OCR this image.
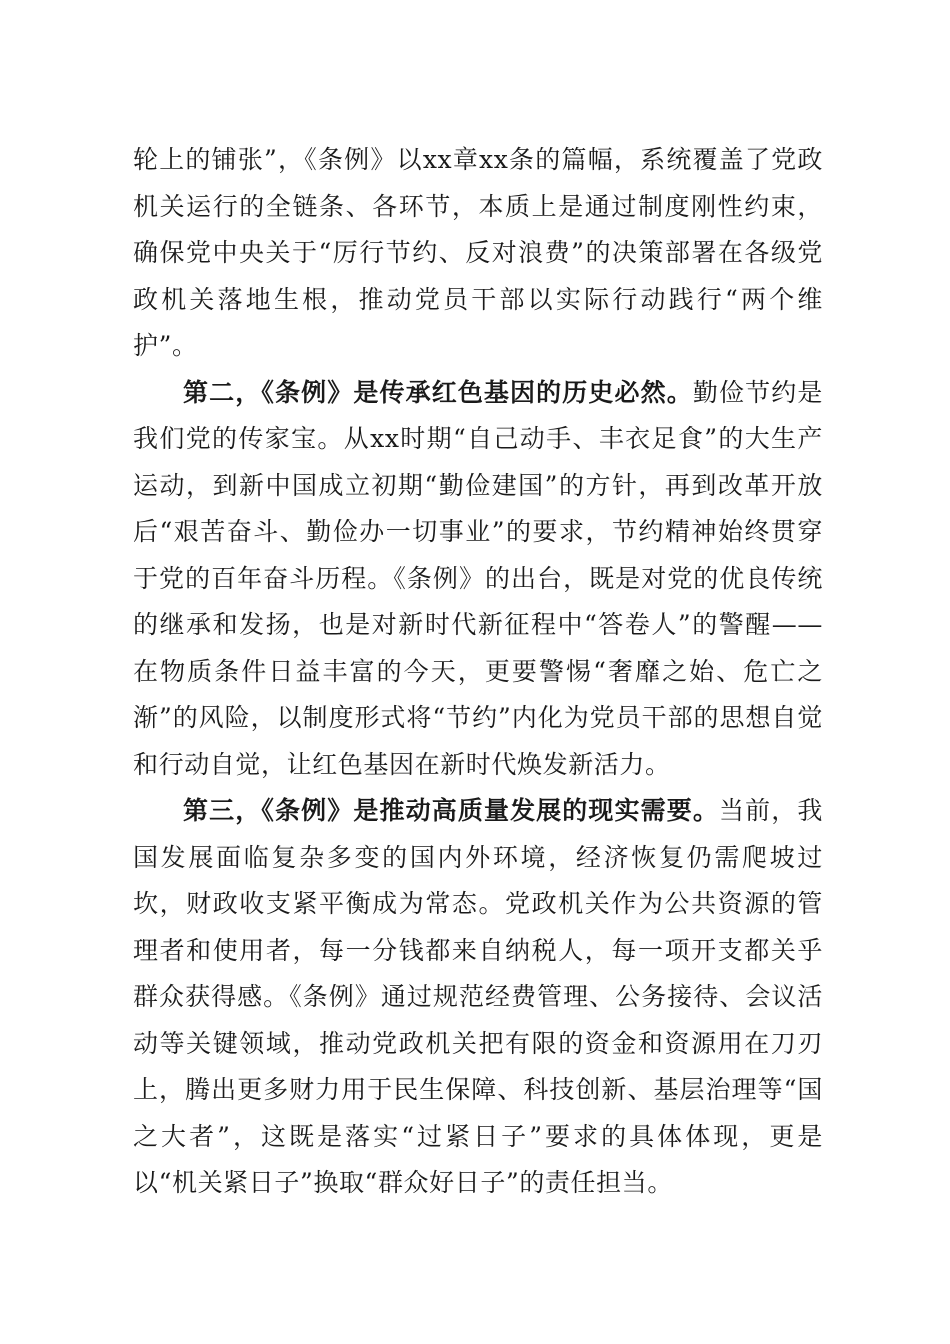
轮上的铺张”，《条例》以xx章xx条的篇幅，系统覆盖了党政机关运行的全链条、各环节，本质上是通过制度刚性约束，确保党中央关于“厉行节约、反对浪费”的决策部署在各级党政机关落地生根，推动党员干部以实际行动践行“两个维护”。

第二，《条例》是传承红色基因的历史必然。勤俭节约是我们党的传家宝。从xx时期“自己动手、丰衣足食”的大生产运动，到新中国成立初期“勤俭建国”的方针，再到改革开放后“艰苦奋斗、勤俭办一切事业”的要求，节约精神始终贯穿于党的百年奋斗历程。《条例》的出台，既是对党的优良传统的继承和发扬，也是对新时代新征程中“答卷人”的警醒——在物质条件日益丰富的今天，更要警惕“奢靡之始、危亡之渐”的风险，以制度形式将“节约”内化为党员干部的思想自觉和行动自觉，让红色基因在新时代焕发新活力。

第三，《条例》是推动高质量发展的现实需要。当前，我国发展面临复杂多变的国内外环境，经济恢复仍需爬坡过坎，财政收支紧平衡成为常态。党政机关作为公共资源的管理者和使用者，每一分钱都来自纳税人，每一项开支都关乎群众获得感。《条例》通过规范经费管理、公务接待、会议活动等关键领域，推动党政机关把有限的资金和资源用在刀刃上，腾出更多财力用于民生保障、科技创新、基层治理等“国之大者”，这既是落实“过紧日子”要求的具体体现，更是以“机关紧日子”换取“群众好日子”的责任担当。
